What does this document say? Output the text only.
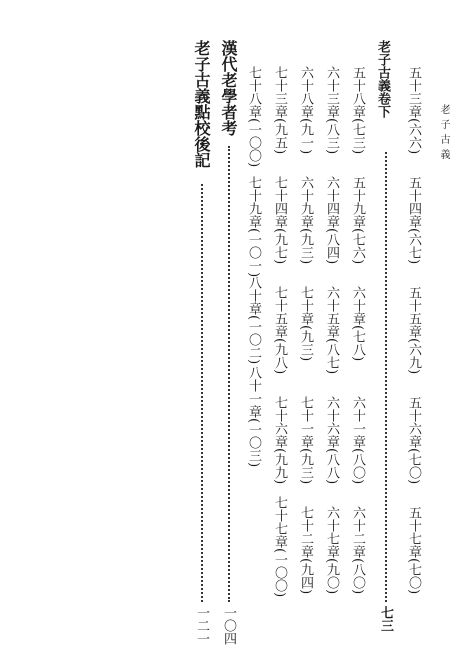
老子古義
五十三章(六六)
五十四章(六七)
五十五章(六九)
五十六章(七〇)
五十七章(七〇)
老子古義卷下
七三
五十八章(七三)
五十九章(七六)
六十章(七八)
六十一章(八〇)
六十二章(八〇)
六十三章(八三)
六十四章(八四)
六十五章(八七)
六十六章(八八)
六十七章(九〇)
六十八章(九一)
六十九章(九三)
七十章(九三)
七十一章(九三)
七十二章(九四)
七十三章(九五)
七十四章(九七)
七十五章(九八)
七十六章(九九)
七十七章(一〇〇)
七十八章(一〇〇)
七十九章(一〇一)
八十章(一〇二)
八十一章(一〇三)
漢代老學者考
一〇四
老子古義點校後記
一二一
